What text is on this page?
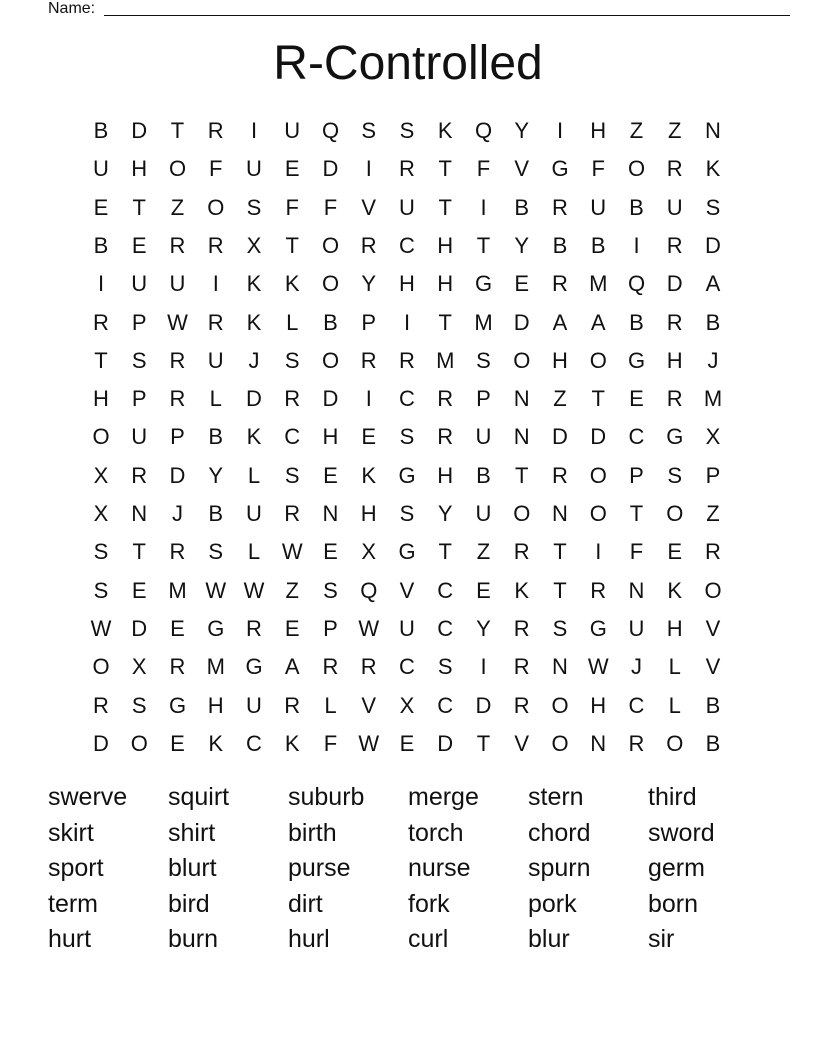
Name:
R-Controlled
B	D	T	R	I	U Q	S	S	K	Q	Y	I	H	Z	Z	N
U	H O	F	U	E	D	I	R	T	F	V	G	F	O R	K
E	T	Z	O	S	F	F	V	U	T	I	B	R	U	B	U	S
B	E	R	R	X	T	O R	C	H	T	Y	B	B	I	R	D
I	U	U	I	K	K	O	Y	H	H G	E	R M Q D	A
R	P W R	K	L	B	P	I	T	M D	A	A	B	R	B
T	S	R	U	J	S	O R	R M S	O H O G H	J
H	P	R	L	D	R	D	I	C	R	P	N	Z	T	E	R M
O U	P	B	K	C	H	E	S	R	U	N	D	D	C G	X
X	R	D	Y	L	S	E	K	G H	B	T	R O	P	S	P
X	N	J	B	U	R	N	H	S	Y	U O N O	T	O	Z
S	T	R	S	L W E	X	G	T	Z	R	T	I	F	E	R
S	E M W W Z	S	Q	V	C	E	K	T	R	N	K	O
W D	E	G R	E	P W U	C	Y	R	S	G U	H	V
O	X	R M G	A	R	R	C	S	I	R	N W	J	L	V
R	S	G H	U	R	L	V	X	C	D	R O H	C	L	B
D O	E	K	C	K	F W E	D	T	V	O N	R O	B
swerve squirt suburb merge stern	third
skirt	shirt	birth	torch	chord sword
sport	blurt	purse nurse spurn germ
term	bird	dirt	fork	pork	born
hurt	burn	hurl	curl	blur	sir
